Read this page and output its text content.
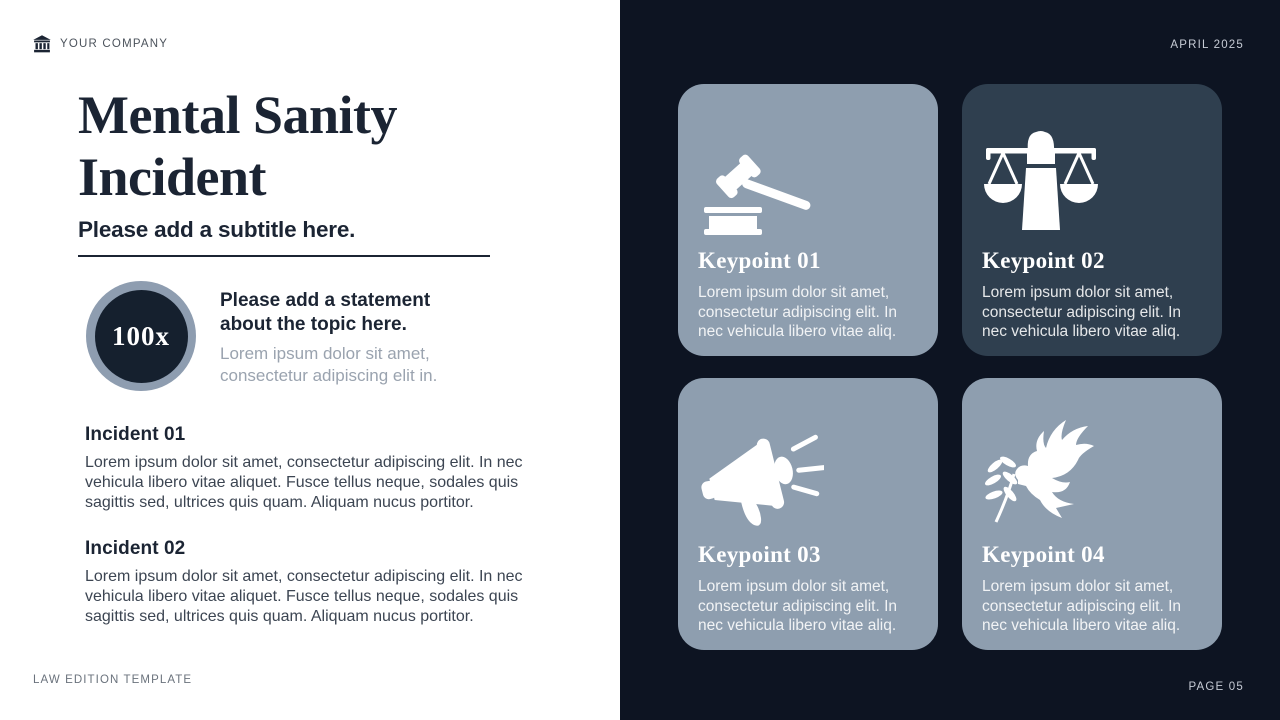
YOUR COMPANY
Mental Sanity
Incident
Please add a subtitle here.
100x
Please add a statement about the topic here.
Lorem ipsum dolor sit amet, consectetur adipiscing elit in.
Incident 01

Lorem ipsum dolor sit amet, consectetur adipiscing elit. In nec vehicula libero vitae aliquet. Fusce tellus neque, sodales quis sagittis sed, ultrices quis quam. Aliquam nucus portitor.

Incident 02

Lorem ipsum dolor sit amet, consectetur adipiscing elit. In nec vehicula libero vitae aliquet. Fusce tellus neque, sodales quis sagittis sed, ultrices quis quam. Aliquam nucus portitor.

LAW EDITION TEMPLATE
APRIL 2025
Keypoint 01

Lorem ipsum dolor sit amet, consectetur adipiscing elit. In nec vehicula libero vitae aliq.

Keypoint 02

Lorem ipsum dolor sit amet, consectetur adipiscing elit. In nec vehicula libero vitae aliq.

Keypoint 03

Lorem ipsum dolor sit amet, consectetur adipiscing elit. In nec vehicula libero vitae aliq.

Keypoint 04

Lorem ipsum dolor sit amet, consectetur adipiscing elit. In nec vehicula libero vitae aliq.

PAGE 05
